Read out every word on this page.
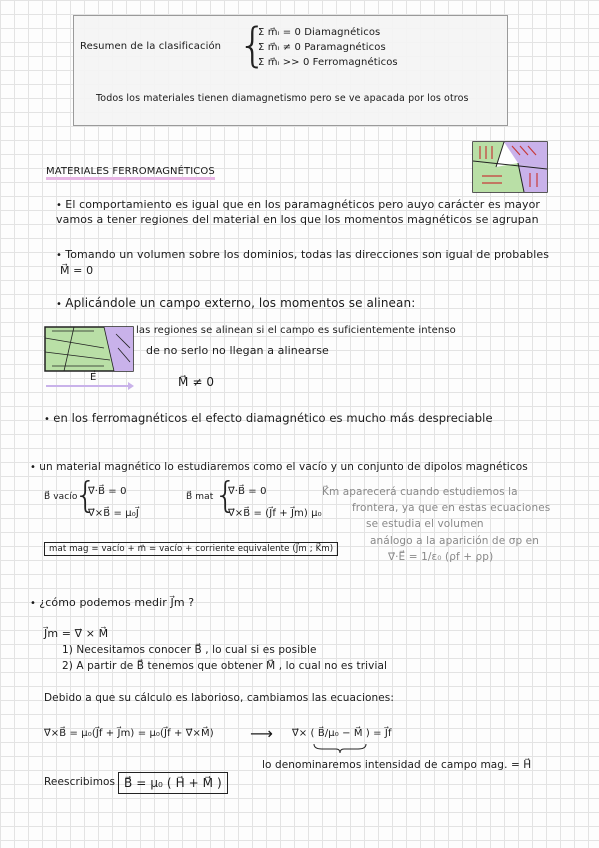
Resumen de la clasificación {
Σ m⃗ᵢ = 0 Diamagnéticos
Σ m⃗ᵢ ≠ 0 Paramagnéticos
Σ m⃗ᵢ >> 0 Ferromagnéticos
Todos los materiales tienen diamagnetismo pero se ve apacada por los otros
MATERIALES FERROMAGNÉTICOS
• El comportamiento es igual que en los paramagnéticos pero auyo carácter es mayor
vamos a tener regiones del material en los que los momentos magnéticos se agrupan
• Tomando un volumen sobre los dominios, todas las direcciones son igual de probables
M⃗ = 0
• Aplicándole un campo externo, los momentos se alinean:
las regiones se alinean si el campo es suficientemente intenso
de no serlo no llegan a alinearse
E⃗	M⃗ ≠ 0
• en los ferromagnéticos el efecto diamagnético es mucho más despreciable
• un material magnético lo estudiaremos como el vacío y un conjunto de dipolos magnéticos
B⃗ vacío
{
∇⃗·B⃗ = 0
∇⃗×B⃗ = μ₀J⃗
B⃗ mat {
∇⃗·B⃗ = 0
∇⃗×B⃗ = (J⃗f + J⃗m) μ₀
K⃗m aparecerá cuando estudiemos la
frontera, ya que en estas ecuaciones
se estudia el volumen
análogo a la aparición de σp en
∇⃗·E⃗ = 1/ε₀ (ρf + ρp)
mat mag = vacío + m⃗ = vacío + corriente equivalente (J⃗m ; K⃗m)
• ¿cómo podemos medir J⃗m ?
J⃗m = ∇⃗ × M⃗
1) Necesitamos conocer B⃗ , lo cual si es posible
2) A partir de B⃗ tenemos que obtener M⃗ , lo cual no es trivial
Debido a que su cálculo es laborioso, cambiamos las ecuaciones:
∇⃗×B⃗ = μ₀(J⃗f + J⃗m) = μ₀(J⃗f + ∇⃗×M⃗) ⟶ ∇⃗× ( B⃗/μ₀ − M⃗ ) = J⃗f
lo denominaremos intensidad de campo mag. = H⃗
Reescribimos B⃗ = μ₀ ( H⃗ + M⃗ )
